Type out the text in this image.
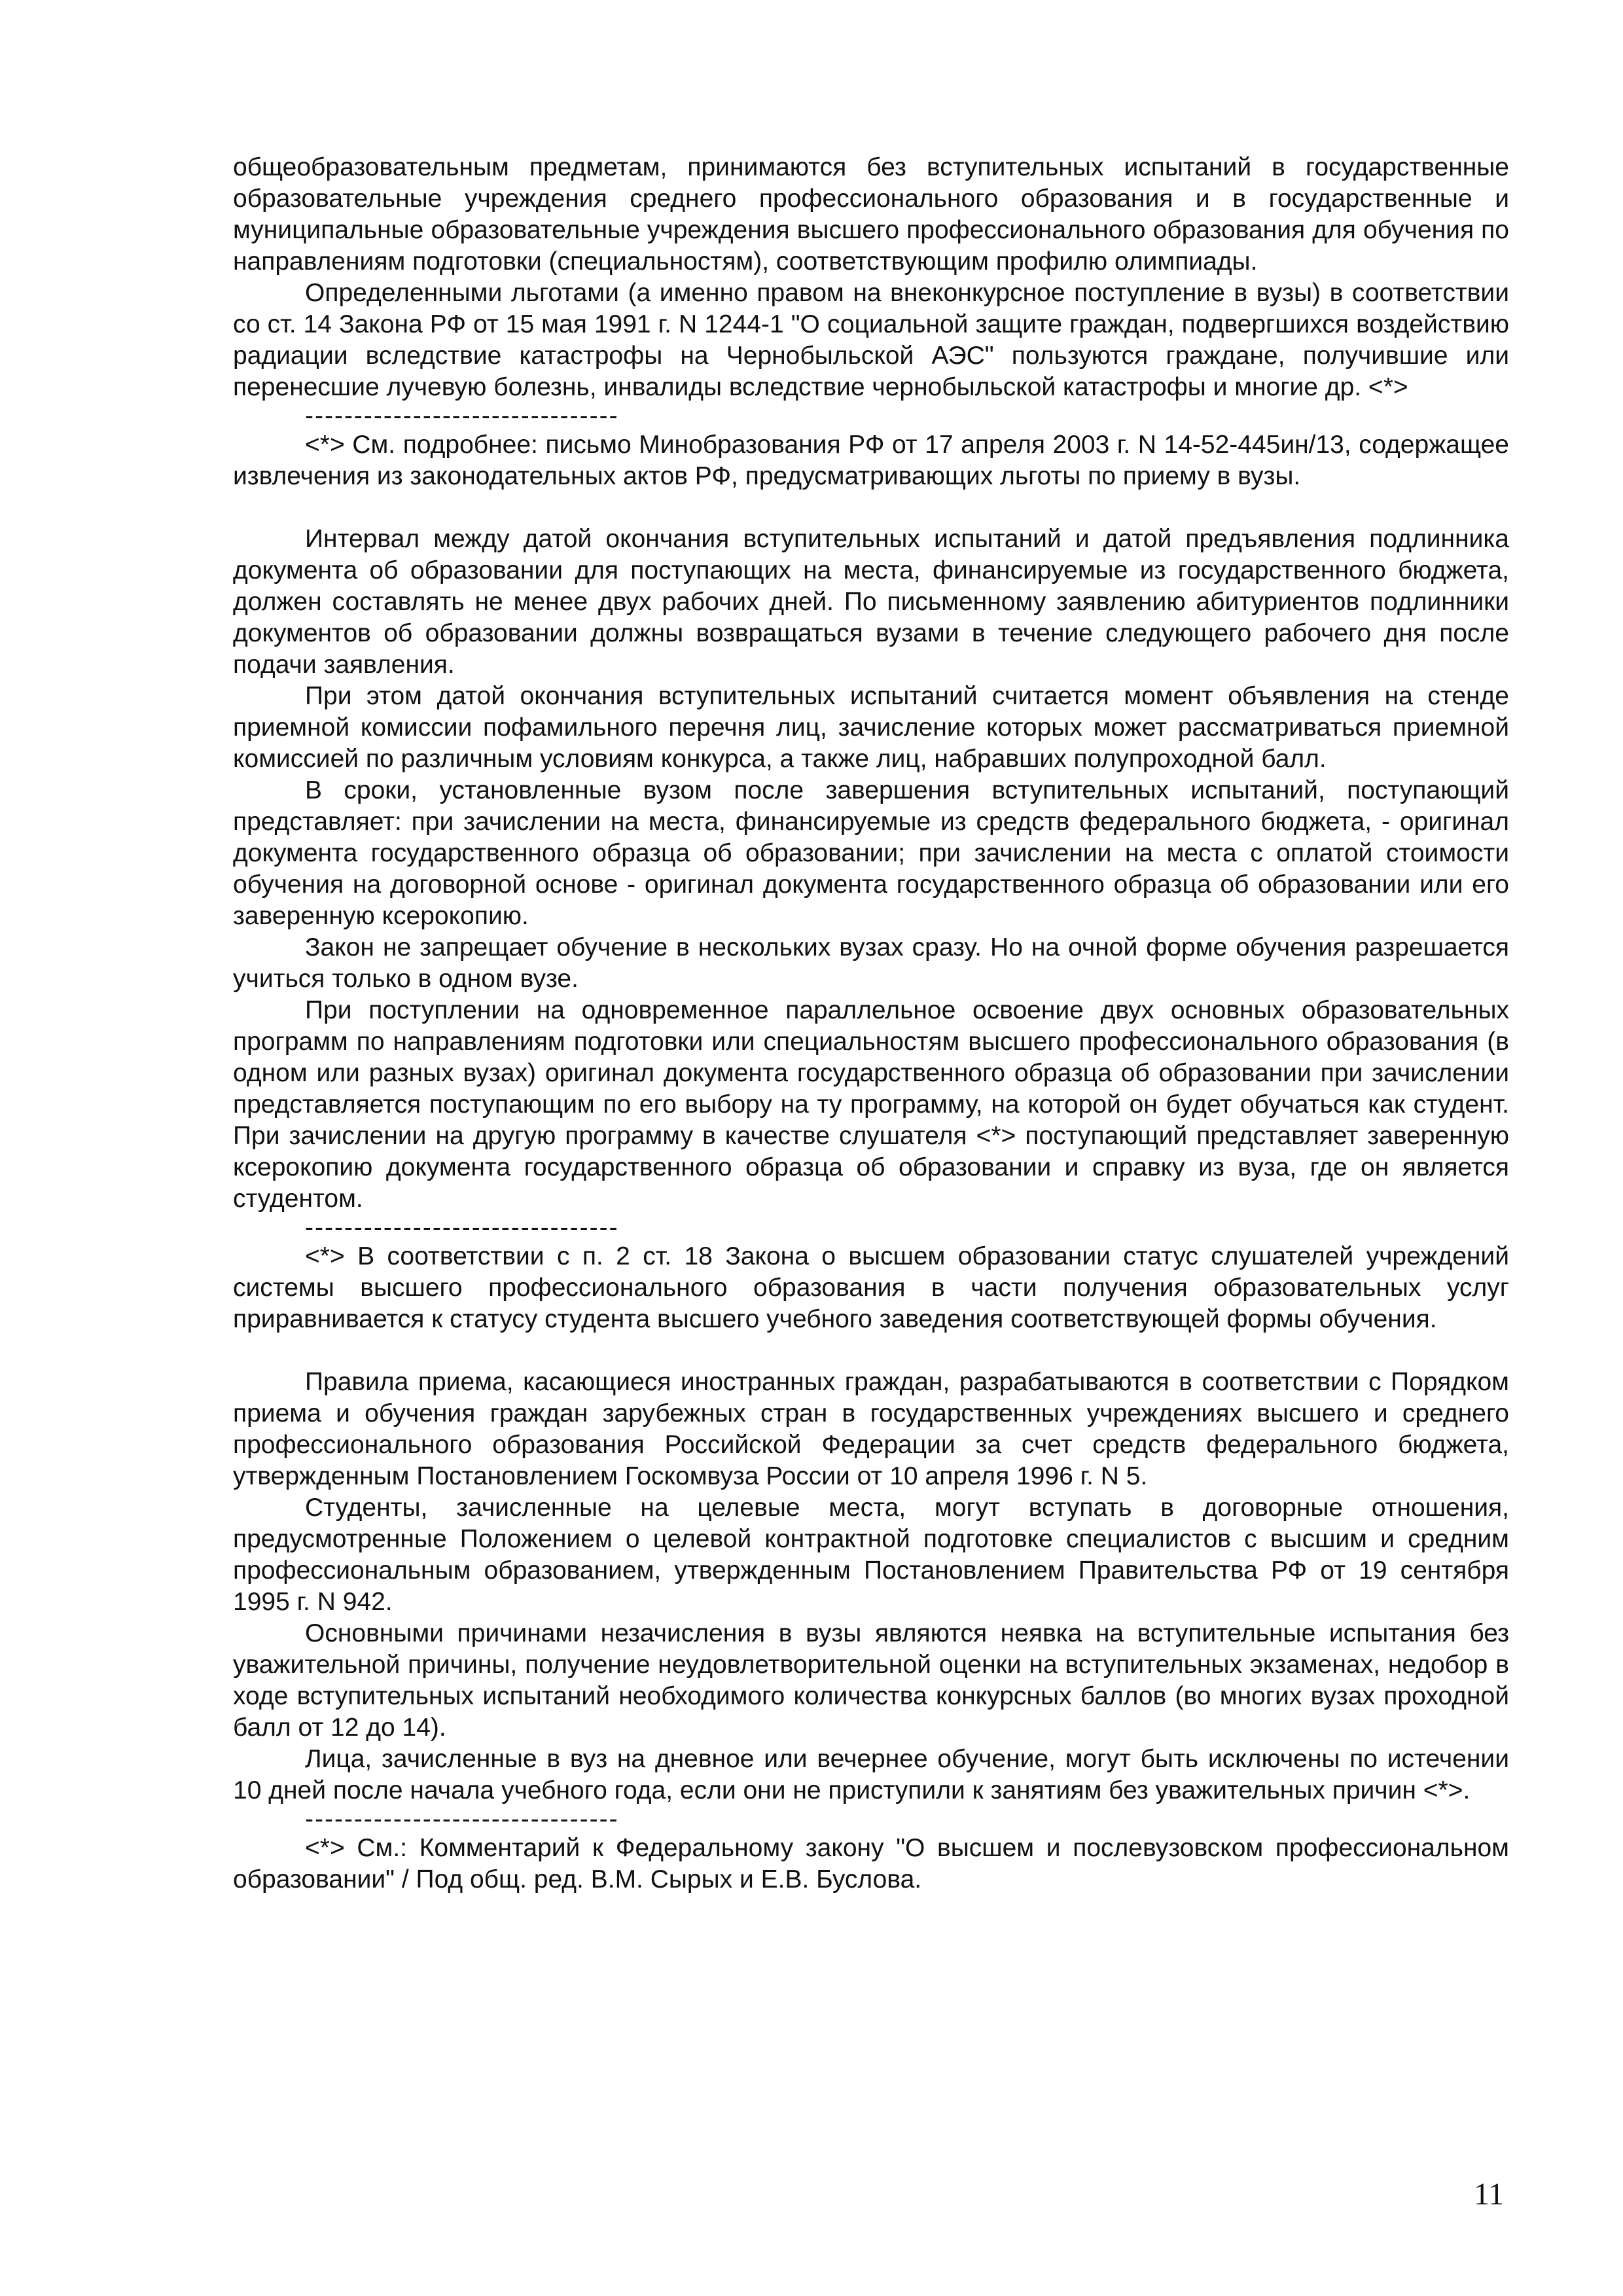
общеобразовательным предметам, принимаются без вступительных испытаний в государственные образовательные учреждения среднего профессионального образования и в государственные и муниципальные образовательные учреждения высшего профессионального образования для обучения по направлениям подготовки (специальностям), соответствующим профилю олимпиады.

Определенными льготами (а именно правом на внеконкурсное поступление в вузы) в соответствии со ст. 14 Закона РФ от 15 мая 1991 г. N 1244-1 "О социальной защите граждан, подвергшихся воздействию радиации вследствие катастрофы на Чернобыльской АЭС" пользуются граждане, получившие или перенесшие лучевую болезнь, инвалиды вследствие чернобыльской катастрофы и многие др. <*>

--------------------------------

<*> См. подробнее: письмо Минобразования РФ от 17 апреля 2003 г. N 14-52-445ин/13, содержащее извлечения из законодательных актов РФ, предусматривающих льготы по приему в вузы.

Интервал между датой окончания вступительных испытаний и датой предъявления подлинника документа об образовании для поступающих на места, финансируемые из государственного бюджета, должен составлять не менее двух рабочих дней. По письменному заявлению абитуриентов подлинники документов об образовании должны возвращаться вузами в течение следующего рабочего дня после подачи заявления.

При этом датой окончания вступительных испытаний считается момент объявления на стенде приемной комиссии пофамильного перечня лиц, зачисление которых может рассматриваться приемной комиссией по различным условиям конкурса, а также лиц, набравших полупроходной балл.

В сроки, установленные вузом после завершения вступительных испытаний, поступающий представляет: при зачислении на места, финансируемые из средств федерального бюджета, - оригинал документа государственного образца об образовании; при зачислении на места с оплатой стоимости обучения на договорной основе - оригинал документа государственного образца об образовании или его заверенную ксерокопию.

Закон не запрещает обучение в нескольких вузах сразу. Но на очной форме обучения разрешается учиться только в одном вузе.

При поступлении на одновременное параллельное освоение двух основных образовательных программ по направлениям подготовки или специальностям высшего профессионального образования (в одном или разных вузах) оригинал документа государственного образца об образовании при зачислении представляется поступающим по его выбору на ту программу, на которой он будет обучаться как студент. При зачислении на другую программу в качестве слушателя <*> поступающий представляет заверенную ксерокопию документа государственного образца об образовании и справку из вуза, где он является студентом.

--------------------------------

<*> В соответствии с п. 2 ст. 18 Закона о высшем образовании статус слушателей учреждений системы высшего профессионального образования в части получения образовательных услуг приравнивается к статусу студента высшего учебного заведения соответствующей формы обучения.

Правила приема, касающиеся иностранных граждан, разрабатываются в соответствии с Порядком приема и обучения граждан зарубежных стран в государственных учреждениях высшего и среднего профессионального образования Российской Федерации за счет средств федерального бюджета, утвержденным Постановлением Госкомвуза России от 10 апреля 1996 г. N 5.

Студенты, зачисленные на целевые места, могут вступать в договорные отношения, предусмотренные Положением о целевой контрактной подготовке специалистов с высшим и средним профессиональным образованием, утвержденным Постановлением Правительства РФ от 19 сентября 1995 г. N 942.

Основными причинами незачисления в вузы являются неявка на вступительные испытания без уважительной причины, получение неудовлетворительной оценки на вступительных экзаменах, недобор в ходе вступительных испытаний необходимого количества конкурсных баллов (во многих вузах проходной балл от 12 до 14).

Лица, зачисленные в вуз на дневное или вечернее обучение, могут быть исключены по истечении 10 дней после начала учебного года, если они не приступили к занятиям без уважительных причин <*>.

--------------------------------

<*> См.: Комментарий к Федеральному закону "О высшем и послевузовском профессиональном образовании" / Под общ. ред. В.М. Сырых и Е.В. Буслова.

11
